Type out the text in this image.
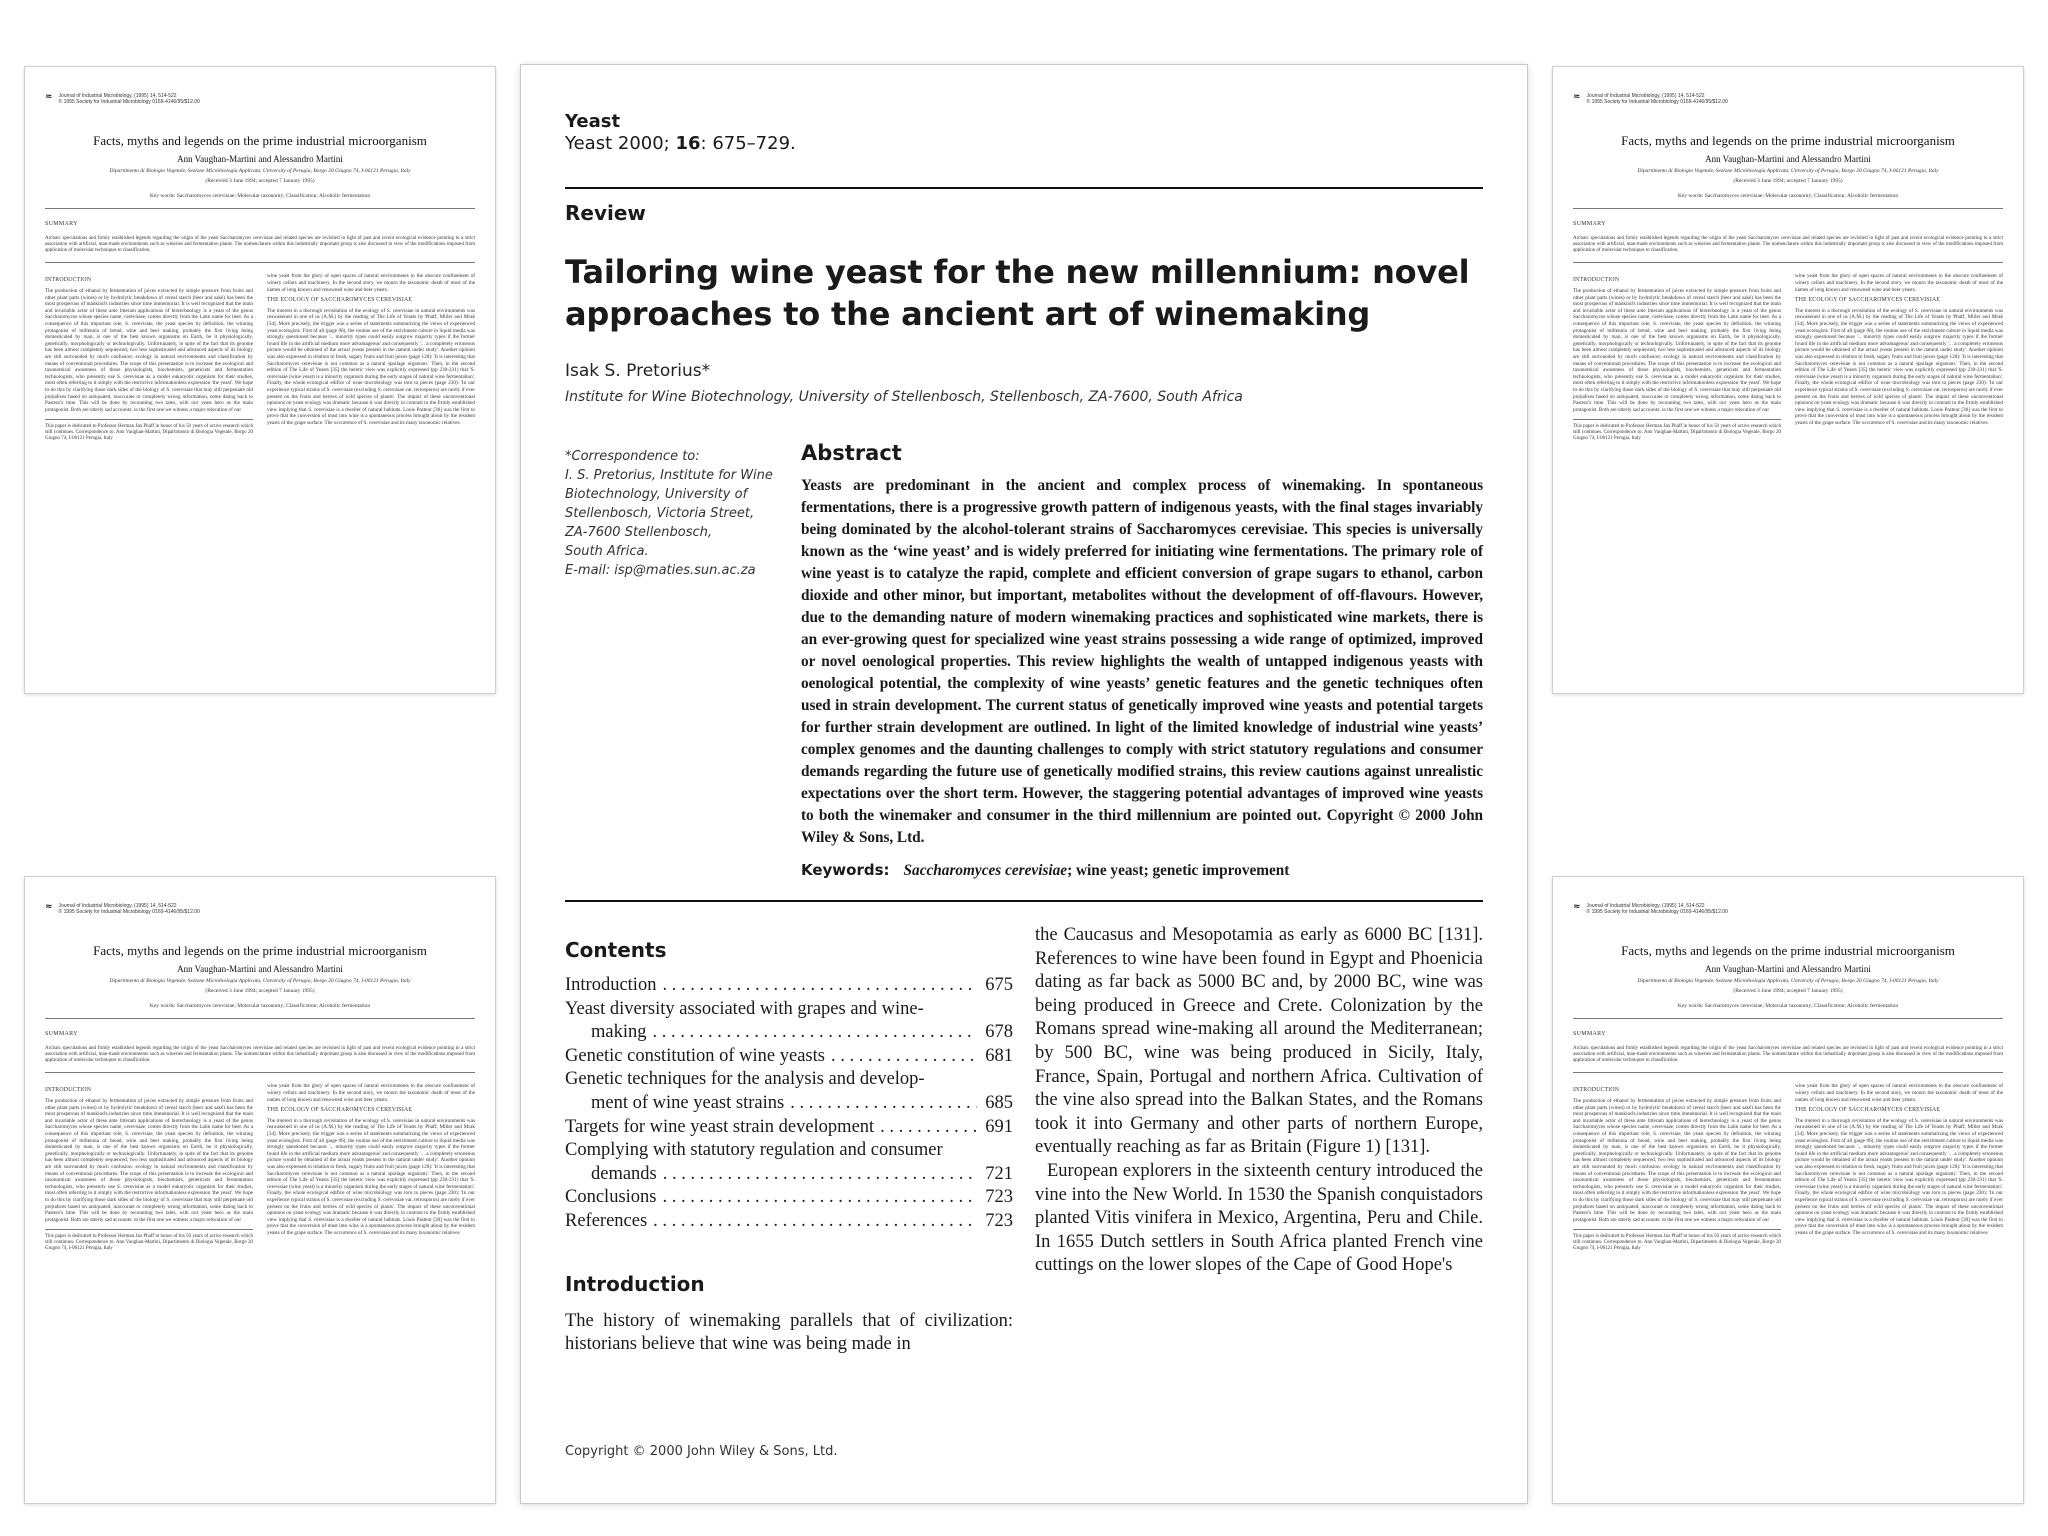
≈ Journal of Industrial Microbiology, (1995) 14, 514-522
© 1995 Society for Industrial Microbiology 0169-4146/95/$12.00
Facts, myths and legends on the prime industrial microorganism
Ann Vaughan-Martini and Alessandro Martini
Dipartimento di Biologia Vegetale, Sezione Microbiologia Applicata, University of Perugia, Borgo 20 Giugno 74, I-06121 Perugia, Italy
(Received 3 June 1994; accepted 7 January 1995)
Key words: Saccharomyces cerevisiae; Molecular taxonomy; Classification; Alcoholic fermentation
SUMMARY
Archaic speculations and firmly established legends regarding the origin of the yeast Saccharomyces cerevisiae and related species are revisited in light of past and recent ecological evidence pointing to a strict association with artificial, man-made environments such as wineries and fermentation plants. The nomenclature within this industrially important group is also discussed in view of the modifications imposed from application of molecular techniques to classification.
INTRODUCTION
The production of ethanol by fermentation of juices extracted by simple pressure from fruits and other plant parts (wines) or by hydrolytic breakdown of cereal starch (beer and saké) has been the most prosperous of mankind's industries since time immemorial. It is well recognized that the main and invariable actor of these ante litteram applications of biotechnology is a yeast of the genus Saccharomyces whose species name, cerevisiae, comes directly from the Latin name for beer. As a consequence of this important role, S. cerevisiae, the yeast species by definition, the winning protagonist of millennia of bread, wine and beer making, probably the first living being domesticated by man, is one of the best known organisms on Earth, be it physiologically, genetically, morphologically or technologically. Unfortunately, in spite of the fact that its genome has been almost completely sequenced, two less sophisticated and advanced aspects of its biology are still surrounded by much confusion: ecology in natural environments and classification by means of conventional procedures. The scope of this presentation is to increase the ecological and taxonomical awareness of those physiologists, biochemists, geneticists and fermentation technologists, who presently use S. cerevisiae as a model eukaryotic organism for their studies, most often referring to it simply with the restrictive informationless expression 'the yeast'. We hope to do this by clarifying those dark sides of the biology of S. cerevisiae that may still perpetuate old prejudices based on antiquated, inaccurate or completely wrong information, some dating back to Pasteur's time. This will be done by recounting two tales, with our yeast hero as the main protagonist. Both are utterly sad accounts: in the first one we witness a major relocation of our
This paper is dedicated to Professor Herman Jan Phaff in honor of his 50 years of active research which still continues. Correspondence to: Ann Vaughan-Martini, Dipartimento di Biologia Vegetale, Borgo 20 Giugno 74, I-06121 Perugia, Italy
wine yeast from the glory of open spaces of natural environments to the obscure confinement of winery cellars and machinery. In the second story, we mourn the taxonomic death of most of the names of long known and renowned wine and beer yeasts.
THE ECOLOGY OF SACCHAROMYCES CEREVISIAE
The interest in a thorough revisitation of the ecology of S. cerevisiae in natural environments was reawakened in one of us (A.M.) by the reading of The Life of Yeasts by Phaff, Miller and Mrak [34]. More precisely, the trigger was a series of statements summarizing the views of experienced yeast ecologists. First of all (page 96), the routine use of the enrichment culture in liquid media was strongly questioned because '... minority types could easily outgrow majority types if the former found life in the artificial medium more advantageous' and consequently '... a completely erroneous picture would be obtained of the actual yeasts present in the natural under study'. Another opinion was also expressed in relation to fresh, sugary fruits and fruit juices (page 128): 'It is interesting that Saccharomyces cerevisiae is not common as a natural spoilage organism.' Then, in the second edition of The Life of Yeasts [35] the heretic view was explicitly expressed (pp 230-231) that 'S. cerevisiae (wine yeast) is a minority organism during the early stages of natural wine fermentation'. Finally, the whole ecological edifice of wine microbiology was torn to pieces (page 230): 'In our experience typical strains of S. cerevisiae (excluding S. cerevisiae var. terrosporus) are rarely if ever present on the fruits and berries of wild species of plants'. The impact of these unconventional opinions on yeast ecology was dramatic because it was directly in contrast to the firmly established view implying that S. cerevisiae is a dweller of natural habitats. Louis Pasteur [30] was the first to prove that the conversion of must into wine is a spontaneous process brought about by the resident yeasts of the grape surface. The occurrence of S. cerevisiae and its many taxonomic relatives
≈ Journal of Industrial Microbiology, (1995) 14, 514-522
© 1995 Society for Industrial Microbiology 0169-4146/95/$12.00
Facts, myths and legends on the prime industrial microorganism
Ann Vaughan-Martini and Alessandro Martini
Dipartimento di Biologia Vegetale, Sezione Microbiologia Applicata, University of Perugia, Borgo 20 Giugno 74, I-06121 Perugia, Italy
(Received 3 June 1994; accepted 7 January 1995)
Key words: Saccharomyces cerevisiae; Molecular taxonomy; Classification; Alcoholic fermentation
SUMMARY
Archaic speculations and firmly established legends regarding the origin of the yeast Saccharomyces cerevisiae and related species are revisited in light of past and recent ecological evidence pointing to a strict association with artificial, man-made environments such as wineries and fermentation plants. The nomenclature within this industrially important group is also discussed in view of the modifications imposed from application of molecular techniques to classification.
INTRODUCTION
The production of ethanol by fermentation of juices extracted by simple pressure from fruits and other plant parts (wines) or by hydrolytic breakdown of cereal starch (beer and saké) has been the most prosperous of mankind's industries since time immemorial. It is well recognized that the main and invariable actor of these ante litteram applications of biotechnology is a yeast of the genus Saccharomyces whose species name, cerevisiae, comes directly from the Latin name for beer. As a consequence of this important role, S. cerevisiae, the yeast species by definition, the winning protagonist of millennia of bread, wine and beer making, probably the first living being domesticated by man, is one of the best known organisms on Earth, be it physiologically, genetically, morphologically or technologically. Unfortunately, in spite of the fact that its genome has been almost completely sequenced, two less sophisticated and advanced aspects of its biology are still surrounded by much confusion: ecology in natural environments and classification by means of conventional procedures. The scope of this presentation is to increase the ecological and taxonomical awareness of those physiologists, biochemists, geneticists and fermentation technologists, who presently use S. cerevisiae as a model eukaryotic organism for their studies, most often referring to it simply with the restrictive informationless expression 'the yeast'. We hope to do this by clarifying those dark sides of the biology of S. cerevisiae that may still perpetuate old prejudices based on antiquated, inaccurate or completely wrong information, some dating back to Pasteur's time. This will be done by recounting two tales, with our yeast hero as the main protagonist. Both are utterly sad accounts: in the first one we witness a major relocation of our
This paper is dedicated to Professor Herman Jan Phaff in honor of his 50 years of active research which still continues. Correspondence to: Ann Vaughan-Martini, Dipartimento di Biologia Vegetale, Borgo 20 Giugno 74, I-06121 Perugia, Italy
wine yeast from the glory of open spaces of natural environments to the obscure confinement of winery cellars and machinery. In the second story, we mourn the taxonomic death of most of the names of long known and renowned wine and beer yeasts.
THE ECOLOGY OF SACCHAROMYCES CEREVISIAE
The interest in a thorough revisitation of the ecology of S. cerevisiae in natural environments was reawakened in one of us (A.M.) by the reading of The Life of Yeasts by Phaff, Miller and Mrak [34]. More precisely, the trigger was a series of statements summarizing the views of experienced yeast ecologists. First of all (page 96), the routine use of the enrichment culture in liquid media was strongly questioned because '... minority types could easily outgrow majority types if the former found life in the artificial medium more advantageous' and consequently '... a completely erroneous picture would be obtained of the actual yeasts present in the natural under study'. Another opinion was also expressed in relation to fresh, sugary fruits and fruit juices (page 128): 'It is interesting that Saccharomyces cerevisiae is not common as a natural spoilage organism.' Then, in the second edition of The Life of Yeasts [35] the heretic view was explicitly expressed (pp 230-231) that 'S. cerevisiae (wine yeast) is a minority organism during the early stages of natural wine fermentation'. Finally, the whole ecological edifice of wine microbiology was torn to pieces (page 230): 'In our experience typical strains of S. cerevisiae (excluding S. cerevisiae var. terrosporus) are rarely if ever present on the fruits and berries of wild species of plants'. The impact of these unconventional opinions on yeast ecology was dramatic because it was directly in contrast to the firmly established view implying that S. cerevisiae is a dweller of natural habitats. Louis Pasteur [30] was the first to prove that the conversion of must into wine is a spontaneous process brought about by the resident yeasts of the grape surface. The occurrence of S. cerevisiae and its many taxonomic relatives
≈ Journal of Industrial Microbiology, (1995) 14, 514-522
© 1995 Society for Industrial Microbiology 0169-4146/95/$12.00
Facts, myths and legends on the prime industrial microorganism
Ann Vaughan-Martini and Alessandro Martini
Dipartimento di Biologia Vegetale, Sezione Microbiologia Applicata, University of Perugia, Borgo 20 Giugno 74, I-06121 Perugia, Italy
(Received 3 June 1994; accepted 7 January 1995)
Key words: Saccharomyces cerevisiae; Molecular taxonomy; Classification; Alcoholic fermentation
SUMMARY
Archaic speculations and firmly established legends regarding the origin of the yeast Saccharomyces cerevisiae and related species are revisited in light of past and recent ecological evidence pointing to a strict association with artificial, man-made environments such as wineries and fermentation plants. The nomenclature within this industrially important group is also discussed in view of the modifications imposed from application of molecular techniques to classification.
INTRODUCTION
The production of ethanol by fermentation of juices extracted by simple pressure from fruits and other plant parts (wines) or by hydrolytic breakdown of cereal starch (beer and saké) has been the most prosperous of mankind's industries since time immemorial. It is well recognized that the main and invariable actor of these ante litteram applications of biotechnology is a yeast of the genus Saccharomyces whose species name, cerevisiae, comes directly from the Latin name for beer. As a consequence of this important role, S. cerevisiae, the yeast species by definition, the winning protagonist of millennia of bread, wine and beer making, probably the first living being domesticated by man, is one of the best known organisms on Earth, be it physiologically, genetically, morphologically or technologically. Unfortunately, in spite of the fact that its genome has been almost completely sequenced, two less sophisticated and advanced aspects of its biology are still surrounded by much confusion: ecology in natural environments and classification by means of conventional procedures. The scope of this presentation is to increase the ecological and taxonomical awareness of those physiologists, biochemists, geneticists and fermentation technologists, who presently use S. cerevisiae as a model eukaryotic organism for their studies, most often referring to it simply with the restrictive informationless expression 'the yeast'. We hope to do this by clarifying those dark sides of the biology of S. cerevisiae that may still perpetuate old prejudices based on antiquated, inaccurate or completely wrong information, some dating back to Pasteur's time. This will be done by recounting two tales, with our yeast hero as the main protagonist. Both are utterly sad accounts: in the first one we witness a major relocation of our
This paper is dedicated to Professor Herman Jan Phaff in honor of his 50 years of active research which still continues. Correspondence to: Ann Vaughan-Martini, Dipartimento di Biologia Vegetale, Borgo 20 Giugno 74, I-06121 Perugia, Italy
wine yeast from the glory of open spaces of natural environments to the obscure confinement of winery cellars and machinery. In the second story, we mourn the taxonomic death of most of the names of long known and renowned wine and beer yeasts.
THE ECOLOGY OF SACCHAROMYCES CEREVISIAE
The interest in a thorough revisitation of the ecology of S. cerevisiae in natural environments was reawakened in one of us (A.M.) by the reading of The Life of Yeasts by Phaff, Miller and Mrak [34]. More precisely, the trigger was a series of statements summarizing the views of experienced yeast ecologists. First of all (page 96), the routine use of the enrichment culture in liquid media was strongly questioned because '... minority types could easily outgrow majority types if the former found life in the artificial medium more advantageous' and consequently '... a completely erroneous picture would be obtained of the actual yeasts present in the natural under study'. Another opinion was also expressed in relation to fresh, sugary fruits and fruit juices (page 128): 'It is interesting that Saccharomyces cerevisiae is not common as a natural spoilage organism.' Then, in the second edition of The Life of Yeasts [35] the heretic view was explicitly expressed (pp 230-231) that 'S. cerevisiae (wine yeast) is a minority organism during the early stages of natural wine fermentation'. Finally, the whole ecological edifice of wine microbiology was torn to pieces (page 230): 'In our experience typical strains of S. cerevisiae (excluding S. cerevisiae var. terrosporus) are rarely if ever present on the fruits and berries of wild species of plants'. The impact of these unconventional opinions on yeast ecology was dramatic because it was directly in contrast to the firmly established view implying that S. cerevisiae is a dweller of natural habitats. Louis Pasteur [30] was the first to prove that the conversion of must into wine is a spontaneous process brought about by the resident yeasts of the grape surface. The occurrence of S. cerevisiae and its many taxonomic relatives
≈ Journal of Industrial Microbiology, (1995) 14, 514-522
© 1995 Society for Industrial Microbiology 0169-4146/95/$12.00
Facts, myths and legends on the prime industrial microorganism
Ann Vaughan-Martini and Alessandro Martini
Dipartimento di Biologia Vegetale, Sezione Microbiologia Applicata, University of Perugia, Borgo 20 Giugno 74, I-06121 Perugia, Italy
(Received 3 June 1994; accepted 7 January 1995)
Key words: Saccharomyces cerevisiae; Molecular taxonomy; Classification; Alcoholic fermentation
SUMMARY
Archaic speculations and firmly established legends regarding the origin of the yeast Saccharomyces cerevisiae and related species are revisited in light of past and recent ecological evidence pointing to a strict association with artificial, man-made environments such as wineries and fermentation plants. The nomenclature within this industrially important group is also discussed in view of the modifications imposed from application of molecular techniques to classification.
INTRODUCTION
The production of ethanol by fermentation of juices extracted by simple pressure from fruits and other plant parts (wines) or by hydrolytic breakdown of cereal starch (beer and saké) has been the most prosperous of mankind's industries since time immemorial. It is well recognized that the main and invariable actor of these ante litteram applications of biotechnology is a yeast of the genus Saccharomyces whose species name, cerevisiae, comes directly from the Latin name for beer. As a consequence of this important role, S. cerevisiae, the yeast species by definition, the winning protagonist of millennia of bread, wine and beer making, probably the first living being domesticated by man, is one of the best known organisms on Earth, be it physiologically, genetically, morphologically or technologically. Unfortunately, in spite of the fact that its genome has been almost completely sequenced, two less sophisticated and advanced aspects of its biology are still surrounded by much confusion: ecology in natural environments and classification by means of conventional procedures. The scope of this presentation is to increase the ecological and taxonomical awareness of those physiologists, biochemists, geneticists and fermentation technologists, who presently use S. cerevisiae as a model eukaryotic organism for their studies, most often referring to it simply with the restrictive informationless expression 'the yeast'. We hope to do this by clarifying those dark sides of the biology of S. cerevisiae that may still perpetuate old prejudices based on antiquated, inaccurate or completely wrong information, some dating back to Pasteur's time. This will be done by recounting two tales, with our yeast hero as the main protagonist. Both are utterly sad accounts: in the first one we witness a major relocation of our
This paper is dedicated to Professor Herman Jan Phaff in honor of his 50 years of active research which still continues. Correspondence to: Ann Vaughan-Martini, Dipartimento di Biologia Vegetale, Borgo 20 Giugno 74, I-06121 Perugia, Italy
wine yeast from the glory of open spaces of natural environments to the obscure confinement of winery cellars and machinery. In the second story, we mourn the taxonomic death of most of the names of long known and renowned wine and beer yeasts.
THE ECOLOGY OF SACCHAROMYCES CEREVISIAE
The interest in a thorough revisitation of the ecology of S. cerevisiae in natural environments was reawakened in one of us (A.M.) by the reading of The Life of Yeasts by Phaff, Miller and Mrak [34]. More precisely, the trigger was a series of statements summarizing the views of experienced yeast ecologists. First of all (page 96), the routine use of the enrichment culture in liquid media was strongly questioned because '... minority types could easily outgrow majority types if the former found life in the artificial medium more advantageous' and consequently '... a completely erroneous picture would be obtained of the actual yeasts present in the natural under study'. Another opinion was also expressed in relation to fresh, sugary fruits and fruit juices (page 128): 'It is interesting that Saccharomyces cerevisiae is not common as a natural spoilage organism.' Then, in the second edition of The Life of Yeasts [35] the heretic view was explicitly expressed (pp 230-231) that 'S. cerevisiae (wine yeast) is a minority organism during the early stages of natural wine fermentation'. Finally, the whole ecological edifice of wine microbiology was torn to pieces (page 230): 'In our experience typical strains of S. cerevisiae (excluding S. cerevisiae var. terrosporus) are rarely if ever present on the fruits and berries of wild species of plants'. The impact of these unconventional opinions on yeast ecology was dramatic because it was directly in contrast to the firmly established view implying that S. cerevisiae is a dweller of natural habitats. Louis Pasteur [30] was the first to prove that the conversion of must into wine is a spontaneous process brought about by the resident yeasts of the grape surface. The occurrence of S. cerevisiae and its many taxonomic relatives
Yeast
Yeast 2000; 16: 675–729.
Review
Tailoring wine yeast for the new millennium: novel approaches to the ancient art of winemaking
Isak S. Pretorius*
Institute for Wine Biotechnology, University of Stellenbosch, Stellenbosch, ZA-7600, South Africa
*Correspondence to:
I. S. Pretorius, Institute for Wine
Biotechnology, University of
Stellenbosch, Victoria Street,
ZA-7600 Stellenbosch,
South Africa.
E-mail: isp@maties.sun.ac.za
Abstract
Yeasts are predominant in the ancient and complex process of winemaking. In spontaneous fermentations, there is a progressive growth pattern of indigenous yeasts, with the final stages invariably being dominated by the alcohol-tolerant strains of Saccharomyces cerevisiae. This species is universally known as the ‘wine yeast’ and is widely preferred for initiating wine fermentations. The primary role of wine yeast is to catalyze the rapid, complete and efficient conversion of grape sugars to ethanol, carbon dioxide and other minor, but important, metabolites without the development of off-flavours. However, due to the demanding nature of modern winemaking practices and sophisticated wine markets, there is an ever-growing quest for specialized wine yeast strains possessing a wide range of optimized, improved or novel oenological properties. This review highlights the wealth of untapped indigenous yeasts with oenological potential, the complexity of wine yeasts’ genetic features and the genetic techniques often used in strain development. The current status of genetically improved wine yeasts and potential targets for further strain development are outlined. In light of the limited knowledge of industrial wine yeasts’ complex genomes and the daunting challenges to comply with strict statutory regulations and consumer demands regarding the future use of genetically modified strains, this review cautions against unrealistic expectations over the short term. However, the staggering potential advantages of improved wine yeasts to both the winemaker and consumer in the third millennium are pointed out. Copyright © 2000 John Wiley & Sons, Ltd.
Keywords: Saccharomyces cerevisiae; wine yeast; genetic improvement
Contents
Introduction . . .	675
Yeast diversity associated with grapes and wine-
making . . .	678
Genetic constitution of wine yeasts . . .	681
Genetic techniques for the analysis and develop-
ment of wine yeast strains . . .	685
Targets for wine yeast strain development . . .	691
Complying with statutory regulation and consumer
demands . . .	721
Conclusions . . .	723
References . . .	723
Introduction
The history of winemaking parallels that of civilization: historians believe that wine was being made in

the Caucasus and Mesopotamia as early as 6000 BC [131]. References to wine have been found in Egypt and Phoenicia dating as far back as 5000 BC and, by 2000 BC, wine was being produced in Greece and Crete. Colonization by the Romans spread wine-making all around the Mediterranean; by 500 BC, wine was being produced in Sicily, Italy, France, Spain, Portugal and northern Africa. Cultivation of the vine also spread into the Balkan States, and the Romans took it into Germany and other parts of northern Europe, eventually reaching as far as Britain (Figure 1) [131].

European explorers in the sixteenth century introduced the vine into the New World. In 1530 the Spanish conquistadors planted Vitis vinifera in Mexico, Argentina, Peru and Chile. In 1655 Dutch settlers in South Africa planted French vine cuttings on the lower slopes of the Cape of Good Hope's

Copyright © 2000 John Wiley & Sons, Ltd.
